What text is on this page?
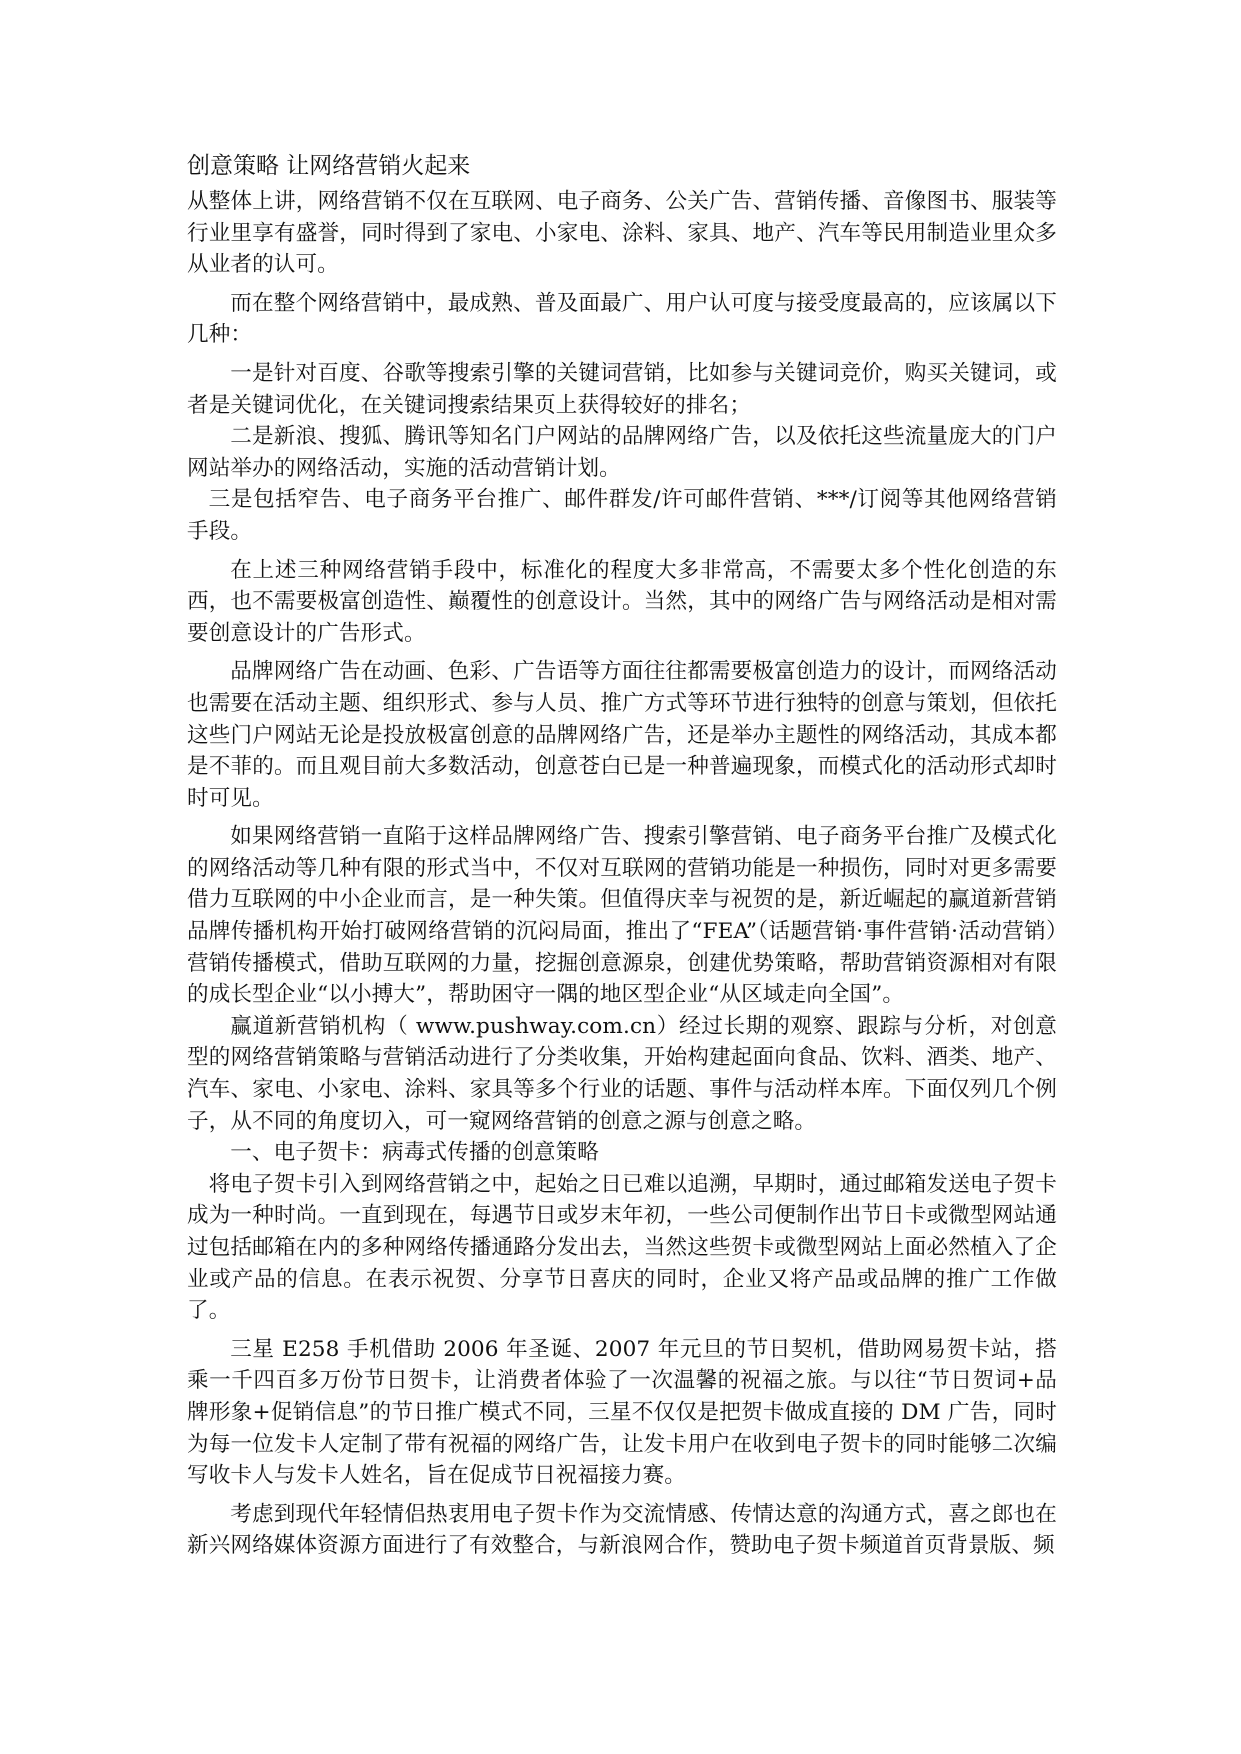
创意策略 让网络营销火起来

从整体上讲，网络营销不仅在互联网、电子商务、公关广告、营销传播、音像图书、服装等行业里享有盛誉，同时得到了家电、小家电、涂料、家具、地产、汽车等民用制造业里众多从业者的认可。

而在整个网络营销中，最成熟、普及面最广、用户认可度与接受度最高的，应该属以下几种：

一是针对百度、谷歌等搜索引擎的关键词营销，比如参与关键词竞价，购买关键词，或者是关键词优化，在关键词搜索结果页上获得较好的排名；

二是新浪、搜狐、腾讯等知名门户网站的品牌网络广告，以及依托这些流量庞大的门户网站举办的网络活动，实施的活动营销计划。

三是包括窄告、电子商务平台推广、邮件群发/许可邮件营销、***/订阅等其他网络营销手段。

在上述三种网络营销手段中，标准化的程度大多非常高，不需要太多个性化创造的东西，也不需要极富创造性、巅覆性的创意设计。当然，其中的网络广告与网络活动是相对需要创意设计的广告形式。

品牌网络广告在动画、色彩、广告语等方面往往都需要极富创造力的设计，而网络活动也需要在活动主题、组织形式、参与人员、推广方式等环节进行独特的创意与策划，但依托这些门户网站无论是投放极富创意的品牌网络广告，还是举办主题性的网络活动，其成本都是不菲的。而且观目前大多数活动，创意苍白已是一种普遍现象，而模式化的活动形式却时时可见。

如果网络营销一直陷于这样品牌网络广告、搜索引擎营销、电子商务平台推广及模式化的网络活动等几种有限的形式当中，不仅对互联网的营销功能是一种损伤，同时对更多需要借力互联网的中小企业而言，是一种失策。但值得庆幸与祝贺的是，新近崛起的赢道新营销品牌传播机构开始打破网络营销的沉闷局面，推出了“FEA”（话题营销·事件营销·活动营销）营销传播模式，借助互联网的力量，挖掘创意源泉，创建优势策略，帮助营销资源相对有限的成长型企业“以小搏大”，帮助困守一隅的地区型企业“从区域走向全国”。

赢道新营销机构（ www.pushway.com.cn）经过长期的观察、跟踪与分析，对创意型的网络营销策略与营销活动进行了分类收集，开始构建起面向食品、饮料、酒类、地产、汽车、家电、小家电、涂料、家具等多个行业的话题、事件与活动样本库。下面仅列几个例子，从不同的角度切入，可一窥网络营销的创意之源与创意之略。

一、电子贺卡：病毒式传播的创意策略

将电子贺卡引入到网络营销之中，起始之日已难以追溯，早期时，通过邮箱发送电子贺卡成为一种时尚。一直到现在，每遇节日或岁末年初，一些公司便制作出节日卡或微型网站通过包括邮箱在内的多种网络传播通路分发出去，当然这些贺卡或微型网站上面必然植入了企业或产品的信息。在表示祝贺、分享节日喜庆的同时，企业又将产品或品牌的推广工作做了。

三星 E258 手机借助 2006 年圣诞、2007 年元旦的节日契机，借助网易贺卡站，搭乘一千四百多万份节日贺卡，让消费者体验了一次温馨的祝福之旅。与以往“节日贺词+品牌形象+促销信息”的节日推广模式不同，三星不仅仅是把贺卡做成直接的 DM 广告，同时为每一位发卡人定制了带有祝福的网络广告，让发卡用户在收到电子贺卡的同时能够二次编写收卡人与发卡人姓名，旨在促成节日祝福接力赛。

考虑到现代年轻情侣热衷用电子贺卡作为交流情感、传情达意的沟通方式，喜之郎也在新兴网络媒体资源方面进行了有效整合，与新浪网合作，赞助电子贺卡频道首页背景版、频
